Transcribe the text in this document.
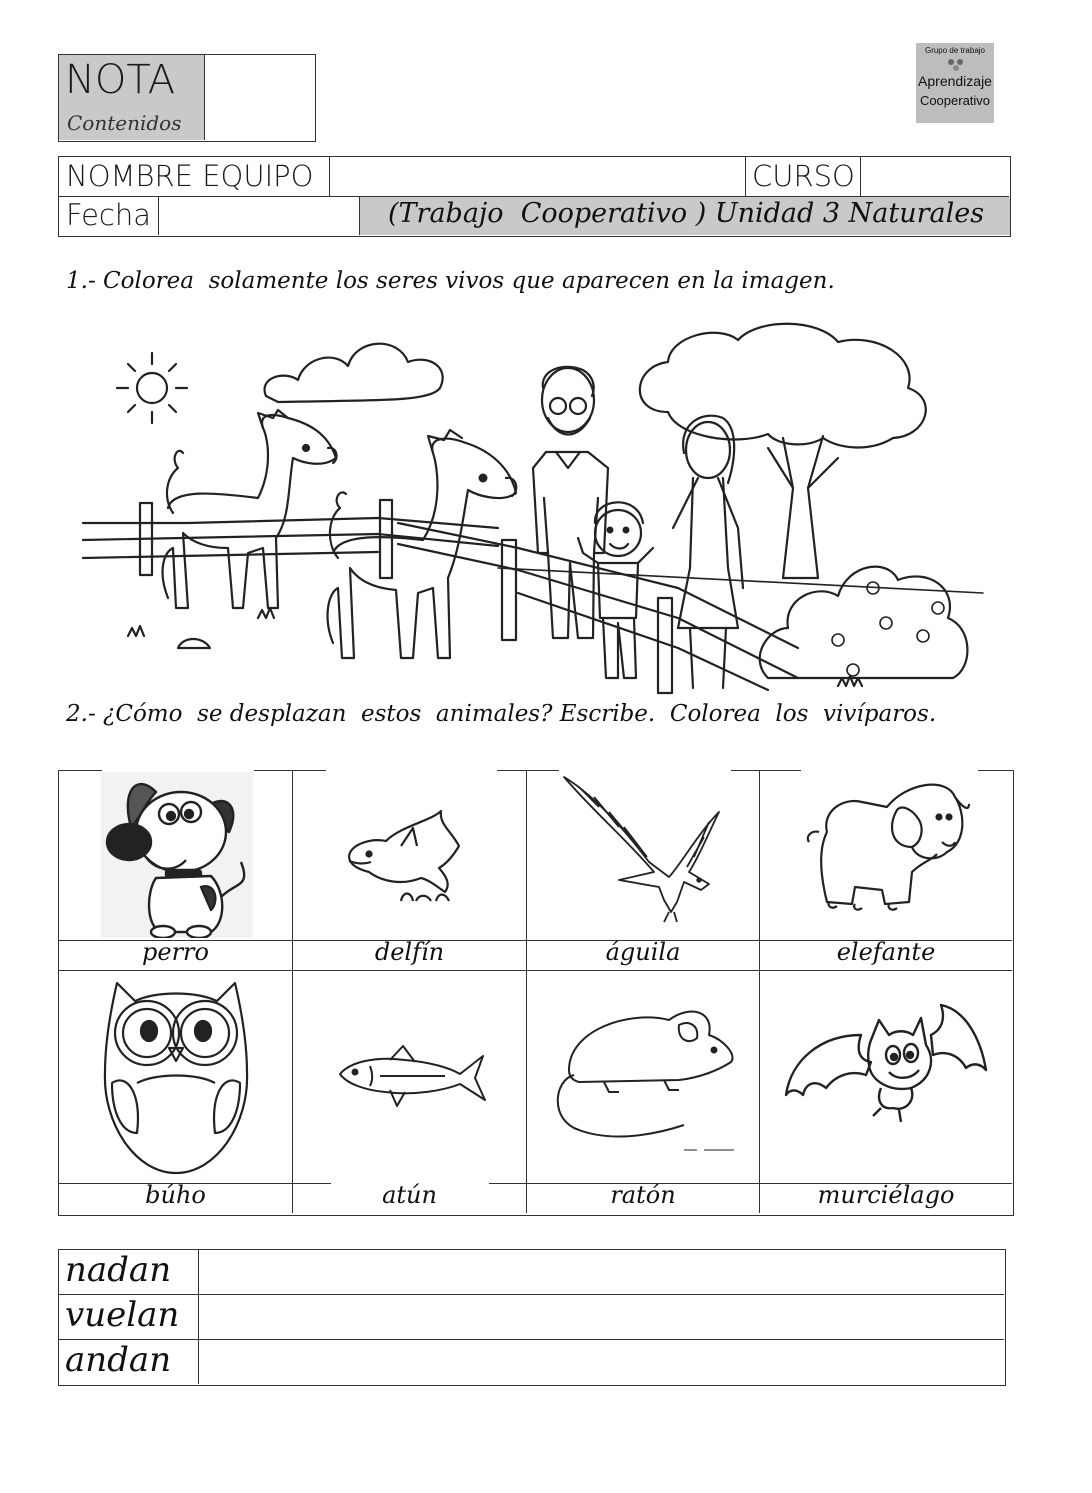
NOTA
Contenidos
Grupo de trabajo
Aprendizaje
Cooperativo
NOMBRE EQUIPO	CURSO
Fecha	(Trabajo  Cooperativo ) Unidad 3 Naturales
1.- Colorea  solamente los seres vivos que aparecen en la imagen.
2.- ¿Cómo  se desplazan  estos  animales? Escribe.  Colorea  los  vivíparos.
perro	delfín	águila	elefante
búho	atún	ratón	murciélago
nadan
vuelan
andan
